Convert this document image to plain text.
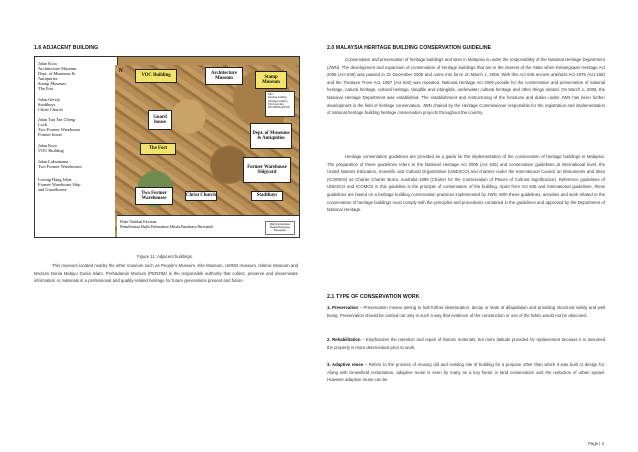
1.6 ADJACENT BUILDING
Jalan Kota
Architecture Museum
Dept. of Museums &
Antiquities
Stamp Museum
The Fort
Jalan Gereja
Stadthuys
Christ Church
Jalan Tun Tan Cheng
Lock
Two Former Warehouse
Former house
Jalan Kota
VOC Building
Jalan Laksamana
Two Former Warehouses
Lorong Hang Jebat
Former Warehouse Ship
and Guardhouse
N
VOC Building
Architecture Museum	Stamp Museum
KEY
Existing building
Heritage building
Plot boundary
DO PERSUASION
Guard house
Dept. of Museums & Antiquities
The Fort
Former Warehouse Shipyard
Two Former Warehouses
Christ Church	Stadthuys
Pelan Tindakan Kawasan
Pemuliharaan Majlis Perbandaran Melaka Bandaraya Bersejarah
Majlis Perbandaran Melaka Bandaraya Bersejarah
Figure 11: Adjacent buildings.
This museum located nearby the other museum such as People's Museum, Kite Museum, UMNO museum, Islamic Museum and Muzium Dunia Melayu Dunia Islam. Perbadanan Muzium (PERZIM) is the responsible authority that collect, preserve and disseminate information or materials in a professional and quality-related heritage for future generations present and future.
2.0 MALAYSIA HERITAGE BUILDING CONSERVATION GUIDELINE
Conservation and preservation of heritage buildings and sites in Malaysia is under the responsibility of the National Heritage Department (JWN). The development and expansion of conservation of heritage buildings that are in the interest of the State when Kebangsaan Heritage Act 2005 (Act 645) was passed in 31 December 2005 and came into force on March 1, 2006. With this Act 645 ancient artefacts Act 1976 (Act 168) and the Treasure Trove Act, 1957 (Act 542) was repealed. National Heritage Act 2005 provide for the conservation and preservation of national heritage, natural heritage, cultural heritage, tangible and intangible, underwater cultural heritage and other things related. On March 1, 2006, the National Heritage Department was established. The establishment and restructuring of the functions and duties under JWN has been further development in the field of heritage conservation. JWN chaired by the Heritage Commissioner responsible for the registration and implementation of national heritage building heritage conservation projects throughout the country.
Heritage conservation guidelines are provided as a guide for the implementation of the conservation of heritage buildings in Malaysia. The preparation of these guidelines refers to the National Heritage Act 2005 (Act 645) and conservation guidelines at international level, the United Nations Education, Scientific and Cultural Organization (UNESCO) and charters under the International Council on Monuments and Sites (ICOMOS) as Charter Charter Burra, Australia 1999 (Charter for the Conservation of Places of Cultural Significance). Reference guidelines of UNESCO and ICOMOS in this guideline is the principle of conservation of the building. Apart from Act 645 and international guidelines, these guidelines are based on a heritage building conservation practices implemented by JWN. With these guidelines, activities and work related to the conservation of heritage buildings must comply with the principles and procedures contained in the guidelines and approved by the Department of National Heritage.
2.1 TYPE OF CONSERVATION WORK
1. Preservation – Preservation means aiming to halt further deterioration, decay or state of dilapidation and providing structural safety and well being. Preservation should be carried out only in such a way that evidence of the construction or use of the fabric would not be obscured.
2. Rehabilitation – Emphasizes the retention and repair of historic materials, but more latitude provided for replacement because it is assumed the property is more deteriorated prior to work.
3. Adaptive reuse – Refers to the process of reusing old and existing site of building for a purpose other than which it was built or design for. Along with brownfield reclamation, adaptive reuse is seen by many as a key factor in land conservation and the reduction of urban sprawl. However adaptive reuse can be
Page | 4
